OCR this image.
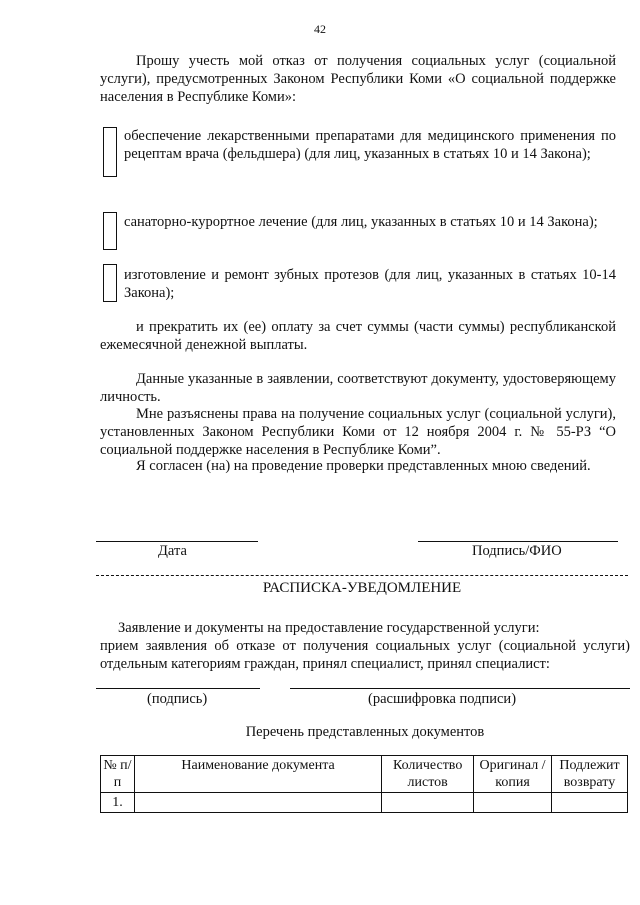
42
Прошу учесть мой отказ от получения социальных услуг (социальной услуги), предусмотренных Законом Республики Коми «О социальной поддержке населения в Республике Коми»:
обеспечение лекарственными препаратами для медицинского применения по рецептам врача (фельдшера) (для лиц, указанных в статьях 10 и 14 Закона);
санаторно-курортное лечение (для лиц, указанных в статьях 10 и 14 Закона);
изготовление и ремонт зубных протезов (для лиц, указанных в статьях 10-14 Закона);
и прекратить их (ее) оплату за счет суммы (части суммы) республиканской ежемесячной денежной выплаты.
Данные указанные в заявлении, соответствуют документу, удостоверяющему личность.
Мне разъяснены права на получение социальных услуг (социальной услуги), установленных Законом Республики Коми от 12 ноября 2004 г. № 55-РЗ “О социальной поддержке населения в Республике Коми”.
Я согласен (на) на проведение проверки представленных мною сведений.
Дата	Подпись/ФИО
РАСПИСКА-УВЕДОМЛЕНИЕ
Заявление и документы на предоставление государственной услуги:
прием заявления об отказе от получения социальных услуг (социальной услуги) отдельным категориям граждан, принял специалист, принял специалист:
(подпись)	(расшифровка подписи)
Перечень представленных документов
№ п/п	Наименование документа	Количество листов	Оригинал /копия	Подлежит возврату
1.				
